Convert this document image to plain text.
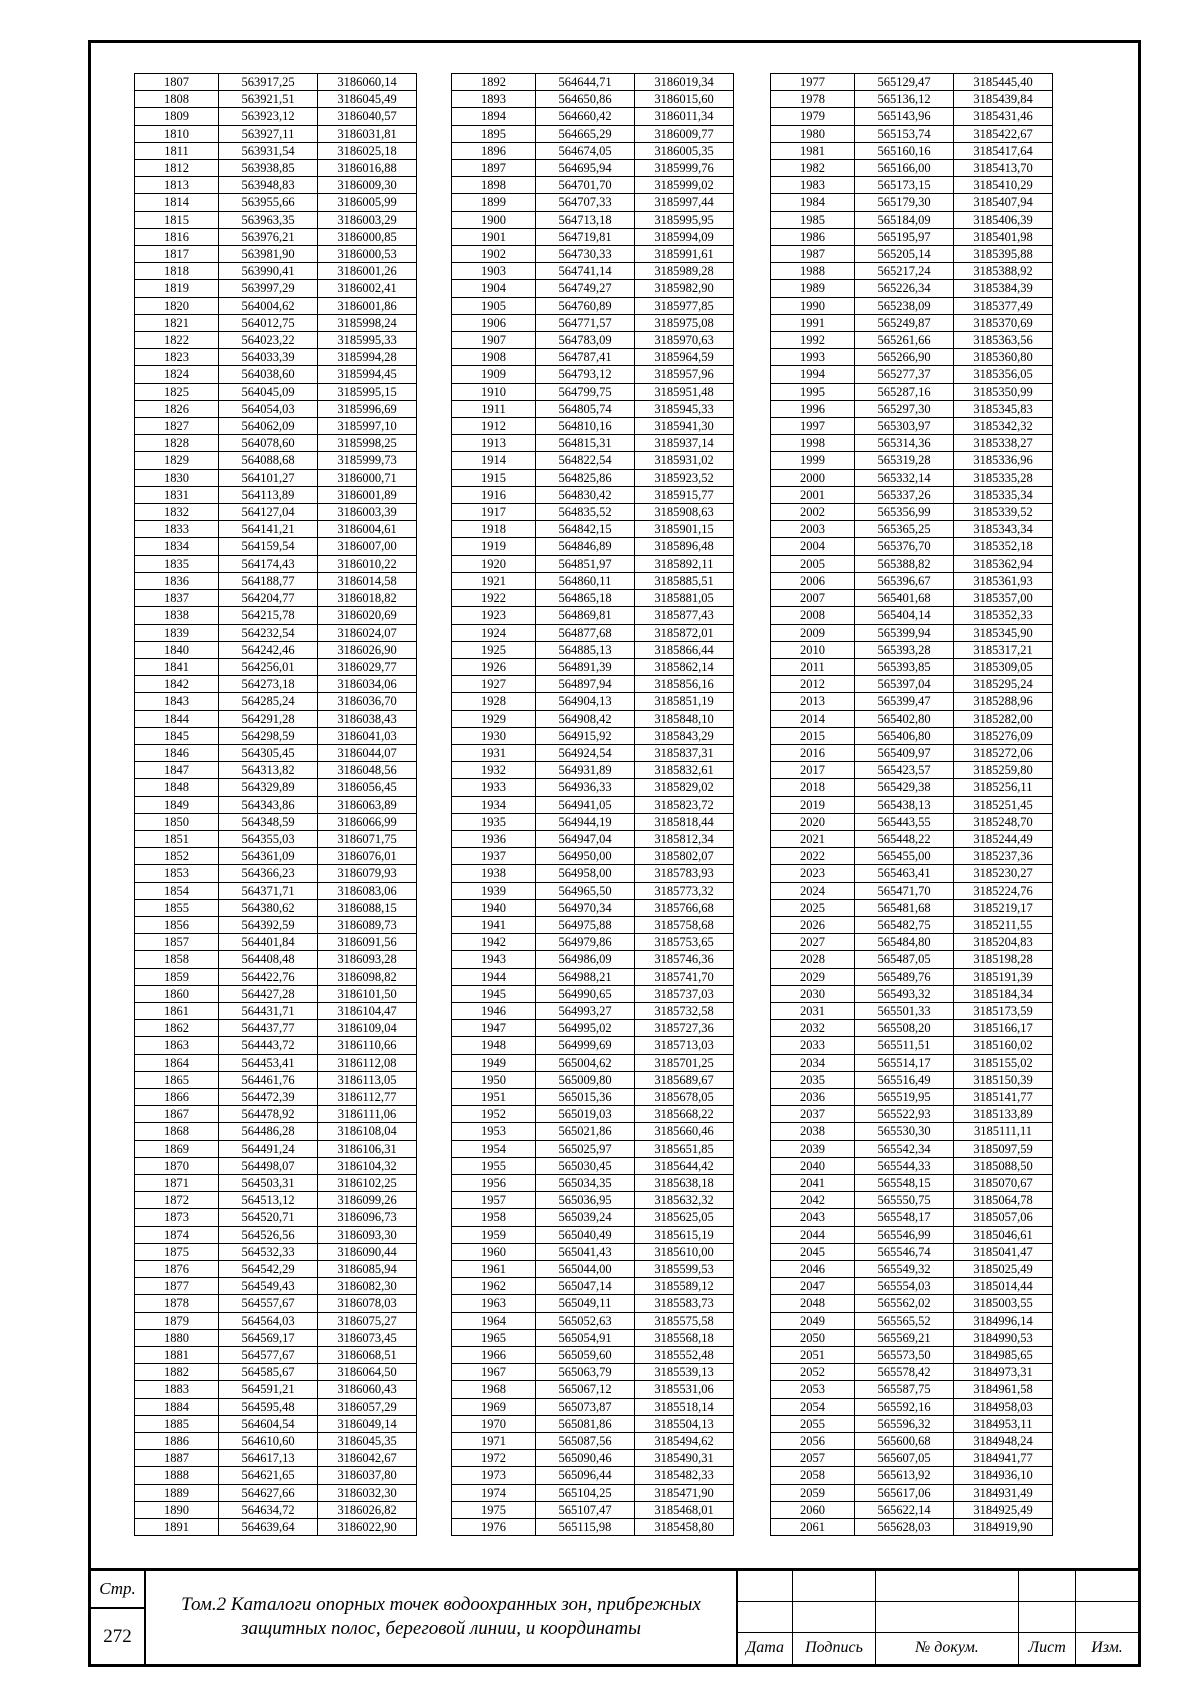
1807	563917,25	3186060,14
1808	563921,51	3186045,49
1809	563923,12	3186040,57
1810	563927,11	3186031,81
1811	563931,54	3186025,18
1812	563938,85	3186016,88
1813	563948,83	3186009,30
1814	563955,66	3186005,99
1815	563963,35	3186003,29
1816	563976,21	3186000,85
1817	563981,90	3186000,53
1818	563990,41	3186001,26
1819	563997,29	3186002,41
1820	564004,62	3186001,86
1821	564012,75	3185998,24
1822	564023,22	3185995,33
1823	564033,39	3185994,28
1824	564038,60	3185994,45
1825	564045,09	3185995,15
1826	564054,03	3185996,69
1827	564062,09	3185997,10
1828	564078,60	3185998,25
1829	564088,68	3185999,73
1830	564101,27	3186000,71
1831	564113,89	3186001,89
1832	564127,04	3186003,39
1833	564141,21	3186004,61
1834	564159,54	3186007,00
1835	564174,43	3186010,22
1836	564188,77	3186014,58
1837	564204,77	3186018,82
1838	564215,78	3186020,69
1839	564232,54	3186024,07
1840	564242,46	3186026,90
1841	564256,01	3186029,77
1842	564273,18	3186034,06
1843	564285,24	3186036,70
1844	564291,28	3186038,43
1845	564298,59	3186041,03
1846	564305,45	3186044,07
1847	564313,82	3186048,56
1848	564329,89	3186056,45
1849	564343,86	3186063,89
1850	564348,59	3186066,99
1851	564355,03	3186071,75
1852	564361,09	3186076,01
1853	564366,23	3186079,93
1854	564371,71	3186083,06
1855	564380,62	3186088,15
1856	564392,59	3186089,73
1857	564401,84	3186091,56
1858	564408,48	3186093,28
1859	564422,76	3186098,82
1860	564427,28	3186101,50
1861	564431,71	3186104,47
1862	564437,77	3186109,04
1863	564443,72	3186110,66
1864	564453,41	3186112,08
1865	564461,76	3186113,05
1866	564472,39	3186112,77
1867	564478,92	3186111,06
1868	564486,28	3186108,04
1869	564491,24	3186106,31
1870	564498,07	3186104,32
1871	564503,31	3186102,25
1872	564513,12	3186099,26
1873	564520,71	3186096,73
1874	564526,56	3186093,30
1875	564532,33	3186090,44
1876	564542,29	3186085,94
1877	564549,43	3186082,30
1878	564557,67	3186078,03
1879	564564,03	3186075,27
1880	564569,17	3186073,45
1881	564577,67	3186068,51
1882	564585,67	3186064,50
1883	564591,21	3186060,43
1884	564595,48	3186057,29
1885	564604,54	3186049,14
1886	564610,60	3186045,35
1887	564617,13	3186042,67
1888	564621,65	3186037,80
1889	564627,66	3186032,30
1890	564634,72	3186026,82
1891	564639,64	3186022,90
1892	564644,71	3186019,34
1893	564650,86	3186015,60
1894	564660,42	3186011,34
1895	564665,29	3186009,77
1896	564674,05	3186005,35
1897	564695,94	3185999,76
1898	564701,70	3185999,02
1899	564707,33	3185997,44
1900	564713,18	3185995,95
1901	564719,81	3185994,09
1902	564730,33	3185991,61
1903	564741,14	3185989,28
1904	564749,27	3185982,90
1905	564760,89	3185977,85
1906	564771,57	3185975,08
1907	564783,09	3185970,63
1908	564787,41	3185964,59
1909	564793,12	3185957,96
1910	564799,75	3185951,48
1911	564805,74	3185945,33
1912	564810,16	3185941,30
1913	564815,31	3185937,14
1914	564822,54	3185931,02
1915	564825,86	3185923,52
1916	564830,42	3185915,77
1917	564835,52	3185908,63
1918	564842,15	3185901,15
1919	564846,89	3185896,48
1920	564851,97	3185892,11
1921	564860,11	3185885,51
1922	564865,18	3185881,05
1923	564869,81	3185877,43
1924	564877,68	3185872,01
1925	564885,13	3185866,44
1926	564891,39	3185862,14
1927	564897,94	3185856,16
1928	564904,13	3185851,19
1929	564908,42	3185848,10
1930	564915,92	3185843,29
1931	564924,54	3185837,31
1932	564931,89	3185832,61
1933	564936,33	3185829,02
1934	564941,05	3185823,72
1935	564944,19	3185818,44
1936	564947,04	3185812,34
1937	564950,00	3185802,07
1938	564958,00	3185783,93
1939	564965,50	3185773,32
1940	564970,34	3185766,68
1941	564975,88	3185758,68
1942	564979,86	3185753,65
1943	564986,09	3185746,36
1944	564988,21	3185741,70
1945	564990,65	3185737,03
1946	564993,27	3185732,58
1947	564995,02	3185727,36
1948	564999,69	3185713,03
1949	565004,62	3185701,25
1950	565009,80	3185689,67
1951	565015,36	3185678,05
1952	565019,03	3185668,22
1953	565021,86	3185660,46
1954	565025,97	3185651,85
1955	565030,45	3185644,42
1956	565034,35	3185638,18
1957	565036,95	3185632,32
1958	565039,24	3185625,05
1959	565040,49	3185615,19
1960	565041,43	3185610,00
1961	565044,00	3185599,53
1962	565047,14	3185589,12
1963	565049,11	3185583,73
1964	565052,63	3185575,58
1965	565054,91	3185568,18
1966	565059,60	3185552,48
1967	565063,79	3185539,13
1968	565067,12	3185531,06
1969	565073,87	3185518,14
1970	565081,86	3185504,13
1971	565087,56	3185494,62
1972	565090,46	3185490,31
1973	565096,44	3185482,33
1974	565104,25	3185471,90
1975	565107,47	3185468,01
1976	565115,98	3185458,80
1977	565129,47	3185445,40
1978	565136,12	3185439,84
1979	565143,96	3185431,46
1980	565153,74	3185422,67
1981	565160,16	3185417,64
1982	565166,00	3185413,70
1983	565173,15	3185410,29
1984	565179,30	3185407,94
1985	565184,09	3185406,39
1986	565195,97	3185401,98
1987	565205,14	3185395,88
1988	565217,24	3185388,92
1989	565226,34	3185384,39
1990	565238,09	3185377,49
1991	565249,87	3185370,69
1992	565261,66	3185363,56
1993	565266,90	3185360,80
1994	565277,37	3185356,05
1995	565287,16	3185350,99
1996	565297,30	3185345,83
1997	565303,97	3185342,32
1998	565314,36	3185338,27
1999	565319,28	3185336,96
2000	565332,14	3185335,28
2001	565337,26	3185335,34
2002	565356,99	3185339,52
2003	565365,25	3185343,34
2004	565376,70	3185352,18
2005	565388,82	3185362,94
2006	565396,67	3185361,93
2007	565401,68	3185357,00
2008	565404,14	3185352,33
2009	565399,94	3185345,90
2010	565393,28	3185317,21
2011	565393,85	3185309,05
2012	565397,04	3185295,24
2013	565399,47	3185288,96
2014	565402,80	3185282,00
2015	565406,80	3185276,09
2016	565409,97	3185272,06
2017	565423,57	3185259,80
2018	565429,38	3185256,11
2019	565438,13	3185251,45
2020	565443,55	3185248,70
2021	565448,22	3185244,49
2022	565455,00	3185237,36
2023	565463,41	3185230,27
2024	565471,70	3185224,76
2025	565481,68	3185219,17
2026	565482,75	3185211,55
2027	565484,80	3185204,83
2028	565487,05	3185198,28
2029	565489,76	3185191,39
2030	565493,32	3185184,34
2031	565501,33	3185173,59
2032	565508,20	3185166,17
2033	565511,51	3185160,02
2034	565514,17	3185155,02
2035	565516,49	3185150,39
2036	565519,95	3185141,77
2037	565522,93	3185133,89
2038	565530,30	3185111,11
2039	565542,34	3185097,59
2040	565544,33	3185088,50
2041	565548,15	3185070,67
2042	565550,75	3185064,78
2043	565548,17	3185057,06
2044	565546,99	3185046,61
2045	565546,74	3185041,47
2046	565549,32	3185025,49
2047	565554,03	3185014,44
2048	565562,02	3185003,55
2049	565565,52	3184996,14
2050	565569,21	3184990,53
2051	565573,50	3184985,65
2052	565578,42	3184973,31
2053	565587,75	3184961,58
2054	565592,16	3184958,03
2055	565596,32	3184953,11
2056	565600,68	3184948,24
2057	565607,05	3184941,77
2058	565613,92	3184936,10
2059	565617,06	3184931,49
2060	565622,14	3184925,49
2061	565628,03	3184919,90
Стр.
272
Том.2 Каталоги опорных точек водоохранных зон, прибрежных
защитных полос, береговой линии, и координаты
Дата	Подпись	№ докум.	Лист	Изм.
